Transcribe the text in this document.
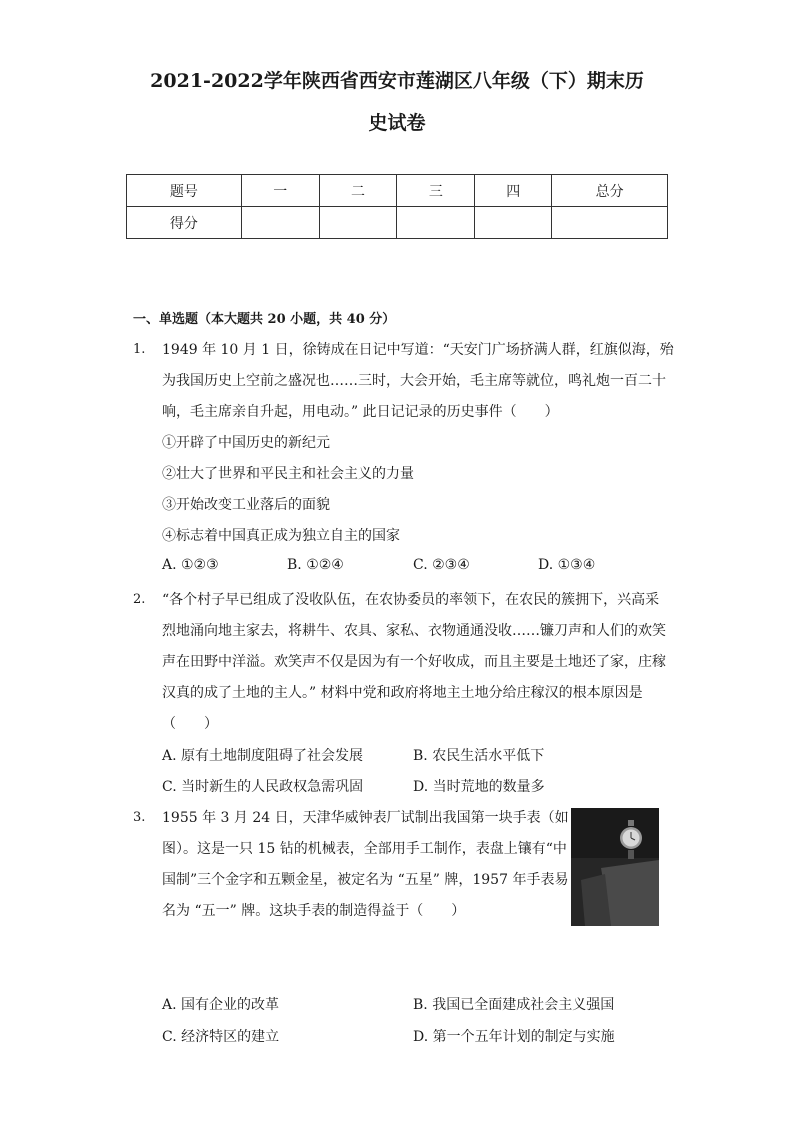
2021-2022学年陕西省西安市莲湖区八年级（下）期末历
史试卷
题号	一	二	三	四	总分
得分					
一、单选题（本大题共 20 小题，共 40 分）
1. 1949 年 10 月 1 日，徐铸成在日记中写道：“天安门广场挤满人群，红旗似海，殆
为我国历史上空前之盛况也……三时，大会开始，毛主席等就位，鸣礼炮一百二十
响，毛主席亲自升起，用电动。” 此日记记录的历史事件（　　）
①开辟了中国历史的新纪元
②壮大了世界和平民主和社会主义的力量
③开始改变工业落后的面貌
④标志着中国真正成为独立自主的国家
A. ①②③	B. ①②④	C. ②③④	D. ①③④
2. “各个村子早已组成了没收队伍，在农协委员的率领下，在农民的簇拥下，兴高采
烈地涌向地主家去，将耕牛、农具、家私、衣物通通没收……镰刀声和人们的欢笑
声在田野中洋溢。欢笑声不仅是因为有一个好收成，而且主要是土地还了家，庄稼
汉真的成了土地的主人。” 材料中党和政府将地主土地分给庄稼汉的根本原因是
（　　）
A. 原有土地制度阻碍了社会发展	B. 农民生活水平低下
C. 当时新生的人民政权急需巩固	D. 当时荒地的数量多
3. 1955 年 3 月 24 日，天津华威钟表厂试制出我国第一块手表（如
图）。这是一只 15 钻的机械表，全部用手工制作，表盘上镶有“中
国制”三个金字和五颗金星，被定名为 “五星” 牌，1957 年手表易
名为 “五一” 牌。这块手表的制造得益于（　　）
A. 国有企业的改革	B. 我国已全面建成社会主义强国
C. 经济特区的建立	D. 第一个五年计划的制定与实施
